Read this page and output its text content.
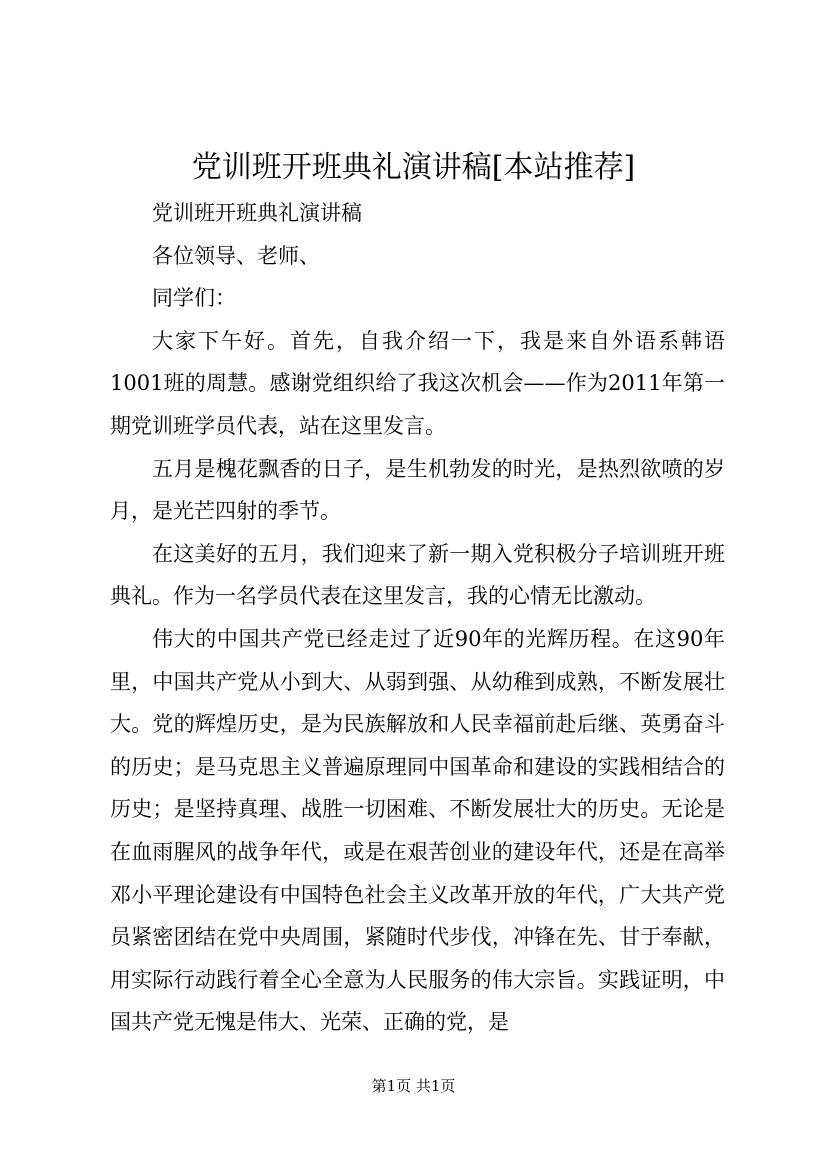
党训班开班典礼演讲稿[本站推荐]

党训班开班典礼演讲稿

各位领导、老师、

同学们：

大家下午好。首先，自我介绍一下，我是来自外语系韩语1001班的周慧。感谢党组织给了我这次机会——作为2011年第一期党训班学员代表，站在这里发言。

五月是槐花飘香的日子，是生机勃发的时光，是热烈欲喷的岁月，是光芒四射的季节。

在这美好的五月，我们迎来了新一期入党积极分子培训班开班典礼。作为一名学员代表在这里发言，我的心情无比激动。

伟大的中国共产党已经走过了近90年的光辉历程。在这90年里，中国共产党从小到大、从弱到强、从幼稚到成熟，不断发展壮大。党的辉煌历史，是为民族解放和人民幸福前赴后继、英勇奋斗的历史；是马克思主义普遍原理同中国革命和建设的实践相结合的历史；是坚持真理、战胜一切困难、不断发展壮大的历史。无论是在血雨腥风的战争年代，或是在艰苦创业的建设年代，还是在高举邓小平理论建设有中国特色社会主义改革开放的年代，广大共产党员紧密团结在党中央周围，紧随时代步伐，冲锋在先、甘于奉献，用实际行动践行着全心全意为人民服务的伟大宗旨。实践证明，中国共产党无愧是伟大、光荣、正确的党，是

第1页 共1页
